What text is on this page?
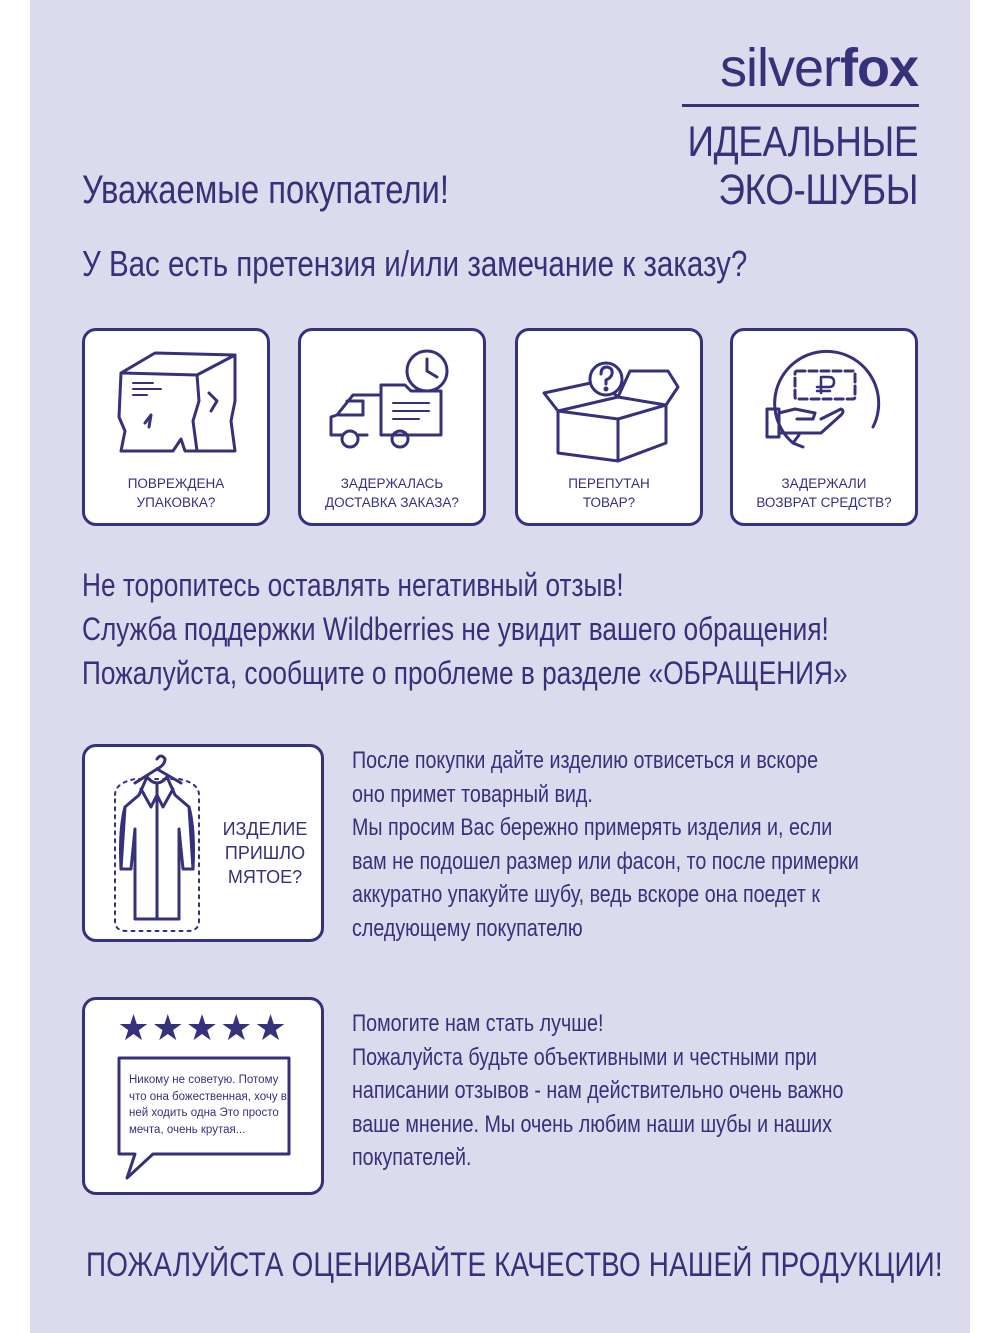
silverfox
ИДЕАЛЬНЫЕ
ЭКО-ШУБЫ
Уважаемые покупатели!
У Вас есть претензия и/или замечание к заказу?
ПОВРЕЖДЕНА
УПАКОВКА?
ЗАДЕРЖАЛАСЬ
ДОСТАВКА ЗАКАЗА?
ПЕРЕПУТАН
ТОВАР?
ЗАДЕРЖАЛИ
ВОЗВРАТ СРЕДСТВ?
Не торопитесь оставлять негативный отзыв!
Служба поддержки Wildberries не увидит вашего обращения!
Пожалуйста, сообщите о проблеме в разделе «ОБРАЩЕНИЯ»
ИЗДЕЛИЕ
ПРИШЛО
МЯТОЕ?
После покупки дайте изделию отвисеться и вскоре
оно примет товарный вид.
Мы просим Вас бережно примерять изделия и, если
вам не подошел размер или фасон, то после примерки
аккуратно упакуйте шубу, ведь вскоре она поедет к
следующему покупателю
★★★★★
Никому не советую. Потому что она божественная, хочу в ней ходить одна Это просто мечта, очень крутая...
Помогите нам стать лучше!
Пожалуйста будьте объективными и честными при
написании отзывов - нам действительно очень важно
ваше мнение. Мы очень любим наши шубы и наших
покупателей.
ПОЖАЛУЙСТА ОЦЕНИВАЙТЕ КАЧЕСТВО НАШЕЙ ПРОДУКЦИИ!
